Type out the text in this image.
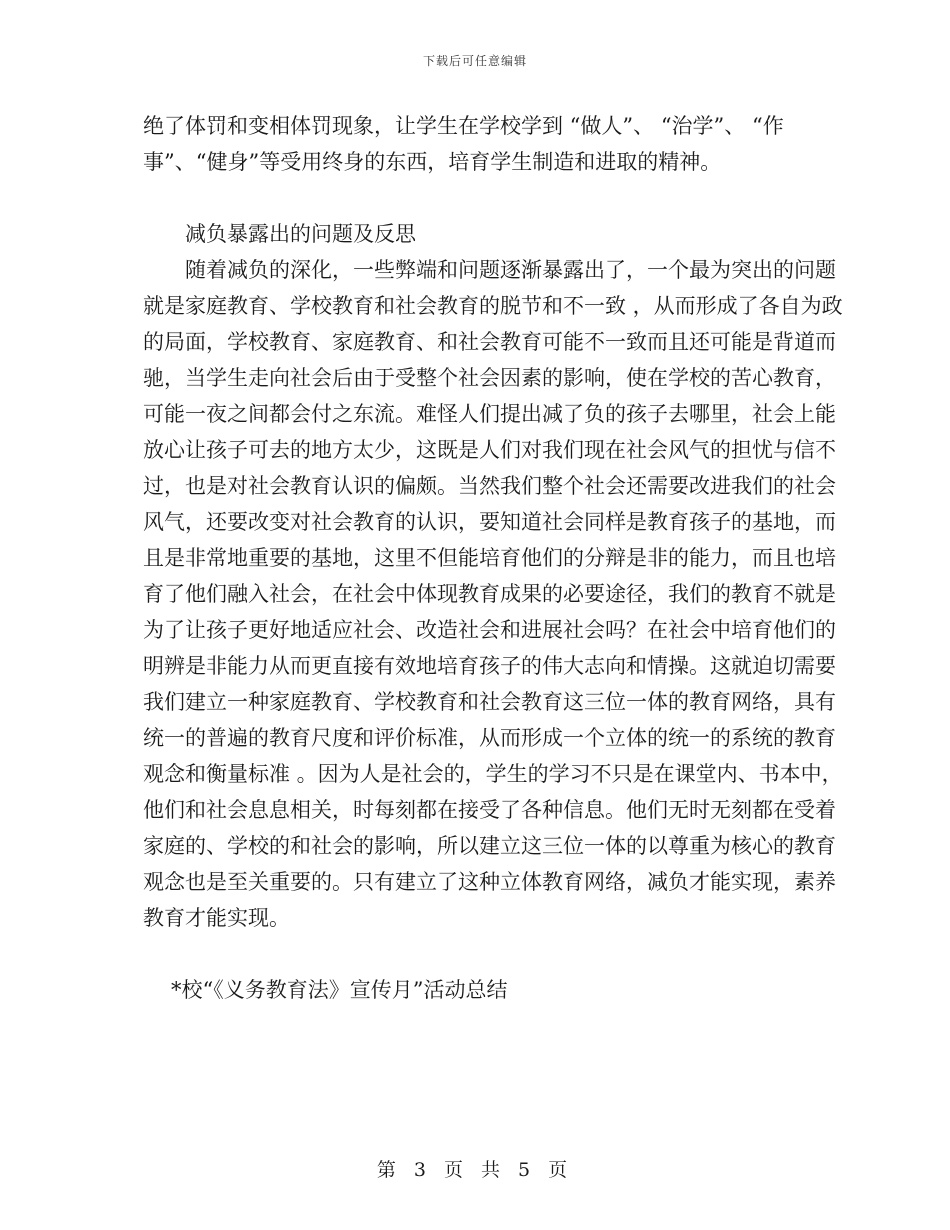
下载后可任意编辑

绝了体罚和变相体罚现象，让学生在学校学到 “做人”、 “治学”、 “作事”、“健身”等受用终身的东西，培育学生制造和进取的精神。

减负暴露出的问题及反思

随着减负的深化，一些弊端和问题逐渐暴露出了，一个最为突出的问题就是家庭教育、学校教育和社会教育的脱节和不一致 ，从而形成了各自为政的局面，学校教育、家庭教育、和社会教育可能不一致而且还可能是背道而驰，当学生走向社会后由于受整个社会因素的影响，使在学校的苦心教育，可能一夜之间都会付之东流。难怪人们提出减了负的孩子去哪里，社会上能放心让孩子可去的地方太少，这既是人们对我们现在社会风气的担忧与信不过，也是对社会教育认识的偏颇。当然我们整个社会还需要改进我们的社会风气，还要改变对社会教育的认识，要知道社会同样是教育孩子的基地，而且是非常地重要的基地，这里不但能培育他们的分辩是非的能力，而且也培育了他们融入社会，在社会中体现教育成果的必要途径，我们的教育不就是为了让孩子更好地适应社会、改造社会和进展社会吗？在社会中培育他们的明辨是非能力从而更直接有效地培育孩子的伟大志向和情操。这就迫切需要我们建立一种家庭教育、学校教育和社会教育这三位一体的教育网络，具有统一的普遍的教育尺度和评价标准，从而形成一个立体的统一的系统的教育观念和衡量标准 。因为人是社会的，学生的学习不只是在课堂内、书本中，他们和社会息息相关，时每刻都在接受了各种信息。他们无时无刻都在受着家庭的、学校的和社会的影响，所以建立这三位一体的以尊重为核心的教育观念也是至关重要的。只有建立了这种立体教育网络，减负才能实现，素养教育才能实现。

*校“《义务教育法》宣传月”活动总结

第 3 页 共 5 页
